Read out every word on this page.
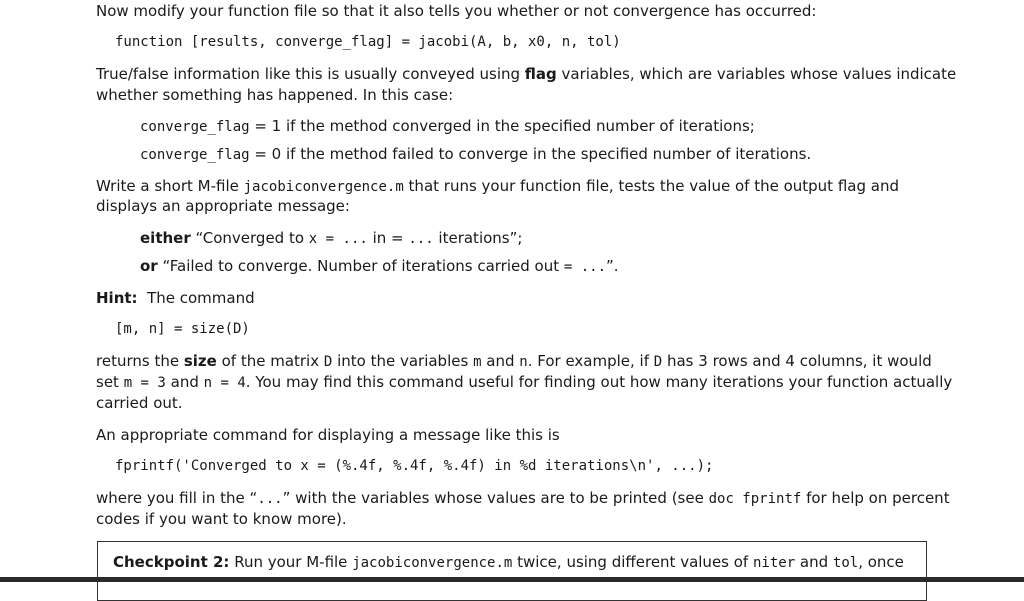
Now modify your function file so that it also tells you whether or not convergence has occurred:

function [results, converge_flag] = jacobi(A, b, x0, n, tol)
True/false information like this is usually conveyed using flag variables, which are variables whose values indicate
whether something has happened. In this case:
converge_flag = 1 if the method converged in the specified number of iterations;
converge_flag = 0 if the method failed to converge in the specified number of iterations.
Write a short M-file jacobiconvergence.m that runs your function file, tests the value of the output flag and
displays an appropriate message:
either “Converged to x = ... in = ... iterations”;
or “Failed to converge. Number of iterations carried out = ...”.
Hint: The command
[m, n] = size(D)
returns the size of the matrix D into the variables m and n. For example, if D has 3 rows and 4 columns, it would
set m = 3 and n = 4. You may find this command useful for finding out how many iterations your function actually
carried out.
An appropriate command for displaying a message like this is
fprintf('Converged to x = (%.4f, %.4f, %.4f) in %d iterations\n', ...);
where you fill in the “...” with the variables whose values are to be printed (see doc fprintf for help on percent
codes if you want to know more).
Checkpoint 2: Run your M-file jacobiconvergence.m twice, using different values of niter and tol, once
